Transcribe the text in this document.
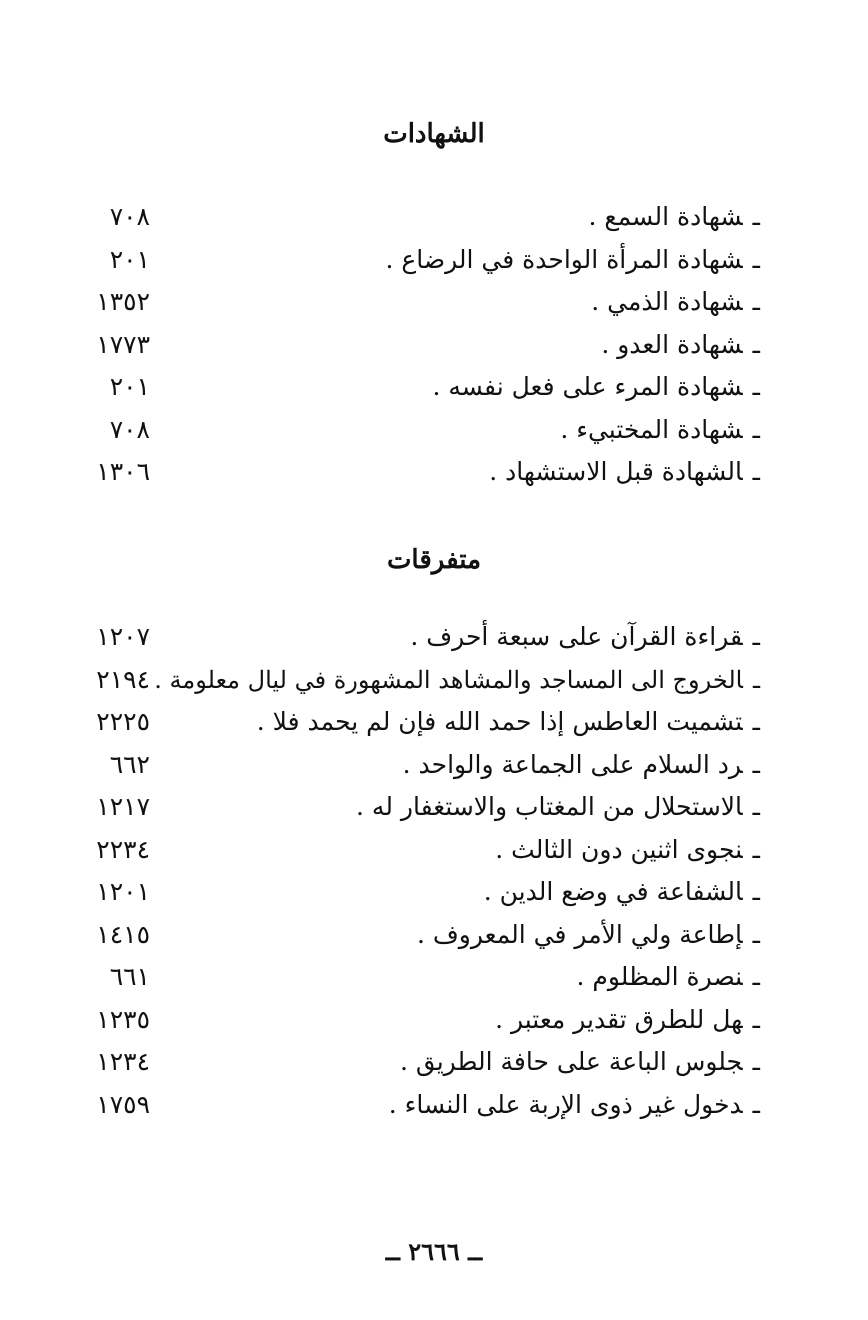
الشهادات
ـشهادة السمع .
٧٠٨
ـشهادة المرأة الواحدة في الرضاع .
٢٠١
ـشهادة الذمي .
١٣٥٢
ـشهادة العدو .
١٧٧٣
ـشهادة المرء على فعل نفسه .
٢٠١
ـشهادة المختبيء .
٧٠٨
ـالشهادة قبل الاستشهاد .
١٣٠٦
متفرقات
ـقراءة القرآن على سبعة أحرف .
١٢٠٧
ـالخروج الى المساجد والمشاهد المشهورة في ليال معلومة .
٢١٩٤
ـتشميت العاطس إذا حمد الله فإن لم يحمد فلا .
٢٢٢٥
ـرد السلام على الجماعة والواحد .
٦٦٢
ـالاستحلال من المغتاب والاستغفار له .
١٢١٧
ـنجوى اثنين دون الثالث .
٢٢٣٤
ـالشفاعة في وضع الدين .
١٢٠١
ـإطاعة ولي الأمر في المعروف .
١٤١٥
ـنصرة المظلوم .
٦٦١
ـهل للطرق تقدير معتبر .
١٢٣٥
ـجلوس الباعة على حافة الطريق .
١٢٣٤
ـدخول غير ذوى الإربة على النساء .
١٧٥٩
ــ ٢٦٦٦ ــ
